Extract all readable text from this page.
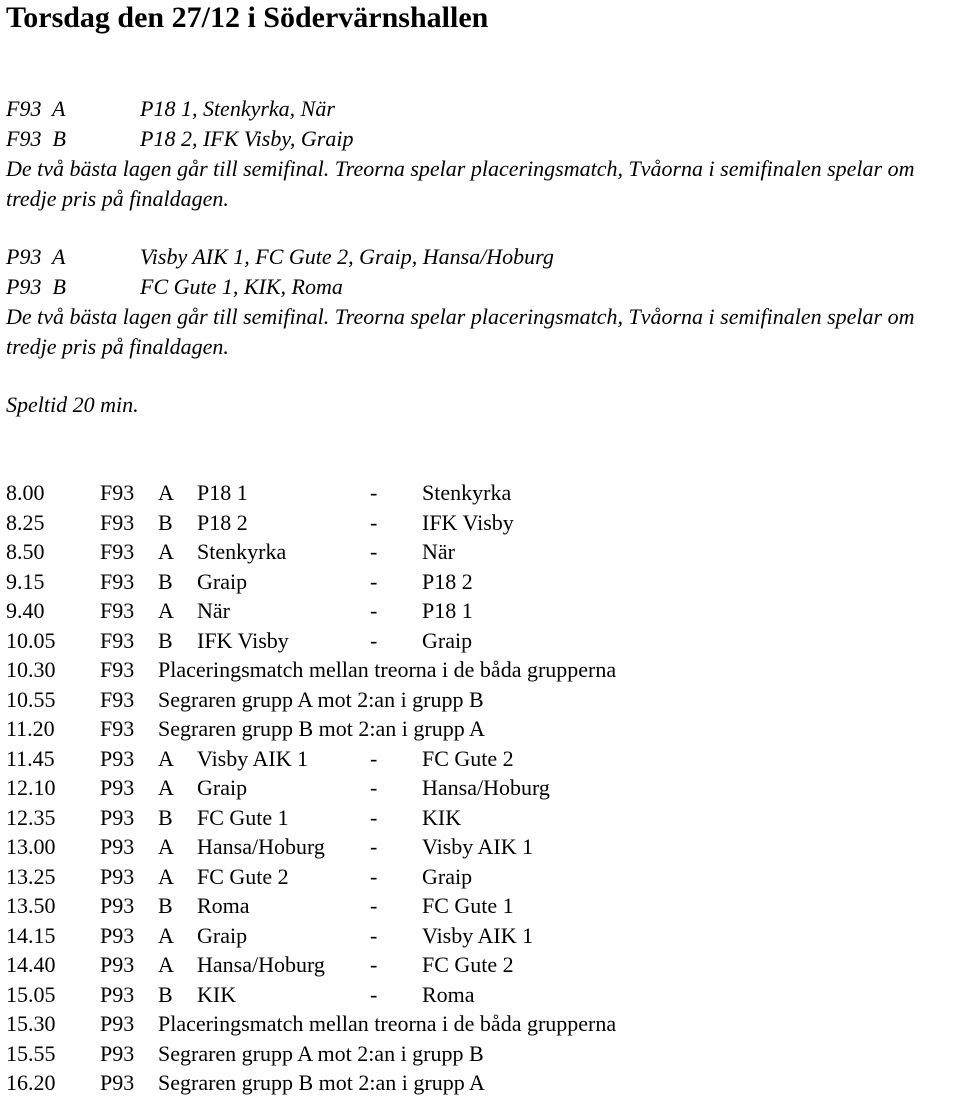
Torsdag den 27/12 i Södervärnshallen
F93  A	P18 1, Stenkyrka, När
F93  B	P18 2, IFK Visby, Graip

De två bästa lagen går till semifinal. Treorna spelar placeringsmatch, Tvåorna i semifinalen spelar om tredje pris på finaldagen.

P93  A	Visby AIK 1, FC Gute 2, Graip, Hansa/Hoburg
P93  B	FC Gute 1, KIK, Roma

De två bästa lagen går till semifinal. Treorna spelar placeringsmatch, Tvåorna i semifinalen spelar om tredje pris på finaldagen.

Speltid 20 min.
8.00	F93 A P18 1	- Stenkyrka
8.25	F93 B P18 2	- IFK Visby
8.50	F93 A Stenkyrka	- När
9.15	F93 B Graip	- P18 2
9.40	F93 A När	- P18 1
10.05 F93 B IFK Visby	- Graip
10.30 F93 Placeringsmatch mellan treorna i de båda grupperna
10.55 F93 Segraren grupp A mot 2:an i grupp B
11.20 F93 Segraren grupp B mot 2:an i grupp A
11.45 P93 A Visby AIK 1	- FC Gute 2
12.10 P93 A Graip	- Hansa/Hoburg
12.35 P93 B FC Gute 1	- KIK
13.00 P93 A Hansa/Hoburg - Visby AIK 1
13.25 P93 A FC Gute 2	- Graip
13.50 P93 B Roma	- FC Gute 1
14.15 P93 A Graip	- Visby AIK 1
14.40 P93 A Hansa/Hoburg - FC Gute 2
15.05 P93 B KIK	- Roma
15.30 P93 Placeringsmatch mellan treorna i de båda grupperna
15.55 P93 Segraren grupp A mot 2:an i grupp B
16.20 P93 Segraren grupp B mot 2:an i grupp A
